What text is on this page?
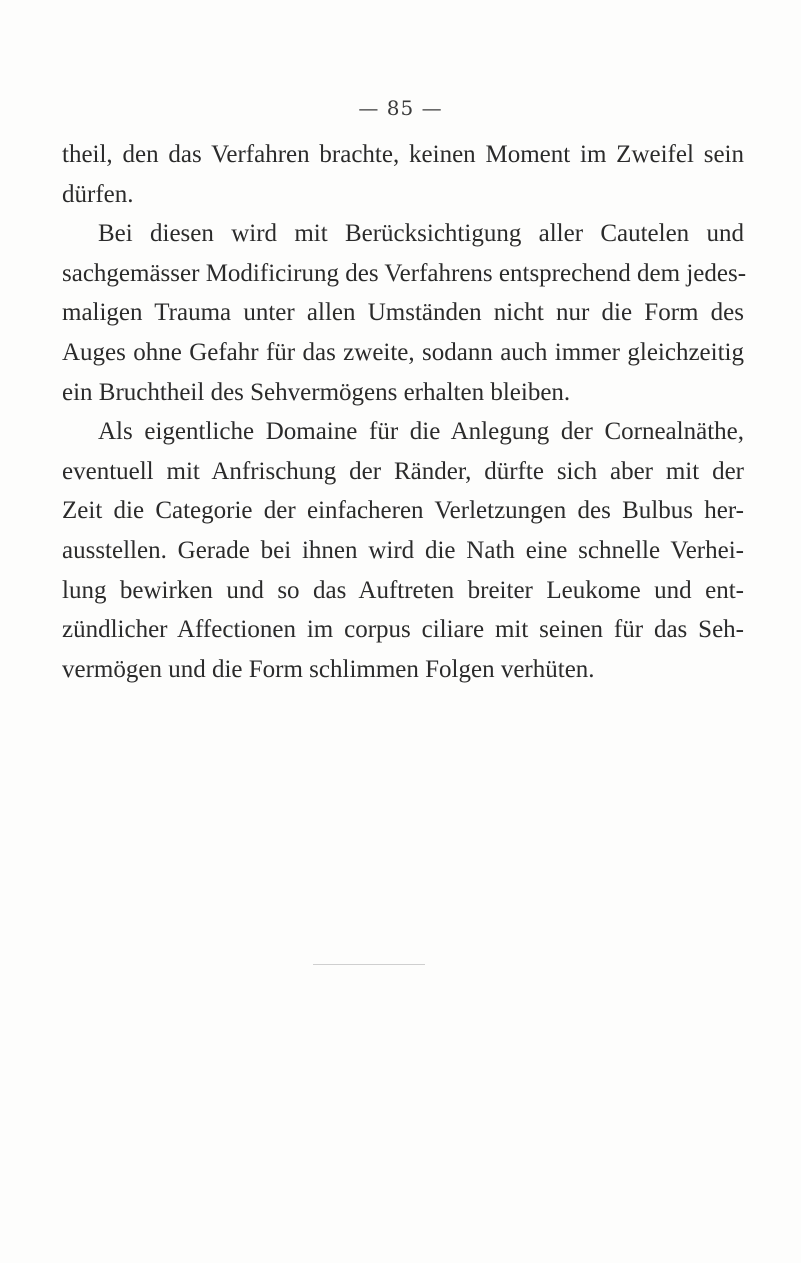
— 85 —
theil, den das Verfahren brachte, keinen Moment im Zweifel sein
dürfen.
Bei diesen wird mit Berücksichtigung aller Cautelen und
sachgemässer Modificirung des Verfahrens entsprechend dem jedes-
maligen Trauma unter allen Umständen nicht nur die Form des
Auges ohne Gefahr für das zweite, sodann auch immer gleichzeitig
ein Bruchtheil des Sehvermögens erhalten bleiben.
Als eigentliche Domaine für die Anlegung der Cornealnäthe,
eventuell mit Anfrischung der Ränder, dürfte sich aber mit der
Zeit die Categorie der einfacheren Verletzungen des Bulbus her-
ausstellen. Gerade bei ihnen wird die Nath eine schnelle Verhei-
lung bewirken und so das Auftreten breiter Leukome und ent-
zündlicher Affectionen im corpus ciliare mit seinen für das Seh-
vermögen und die Form schlimmen Folgen verhüten.
